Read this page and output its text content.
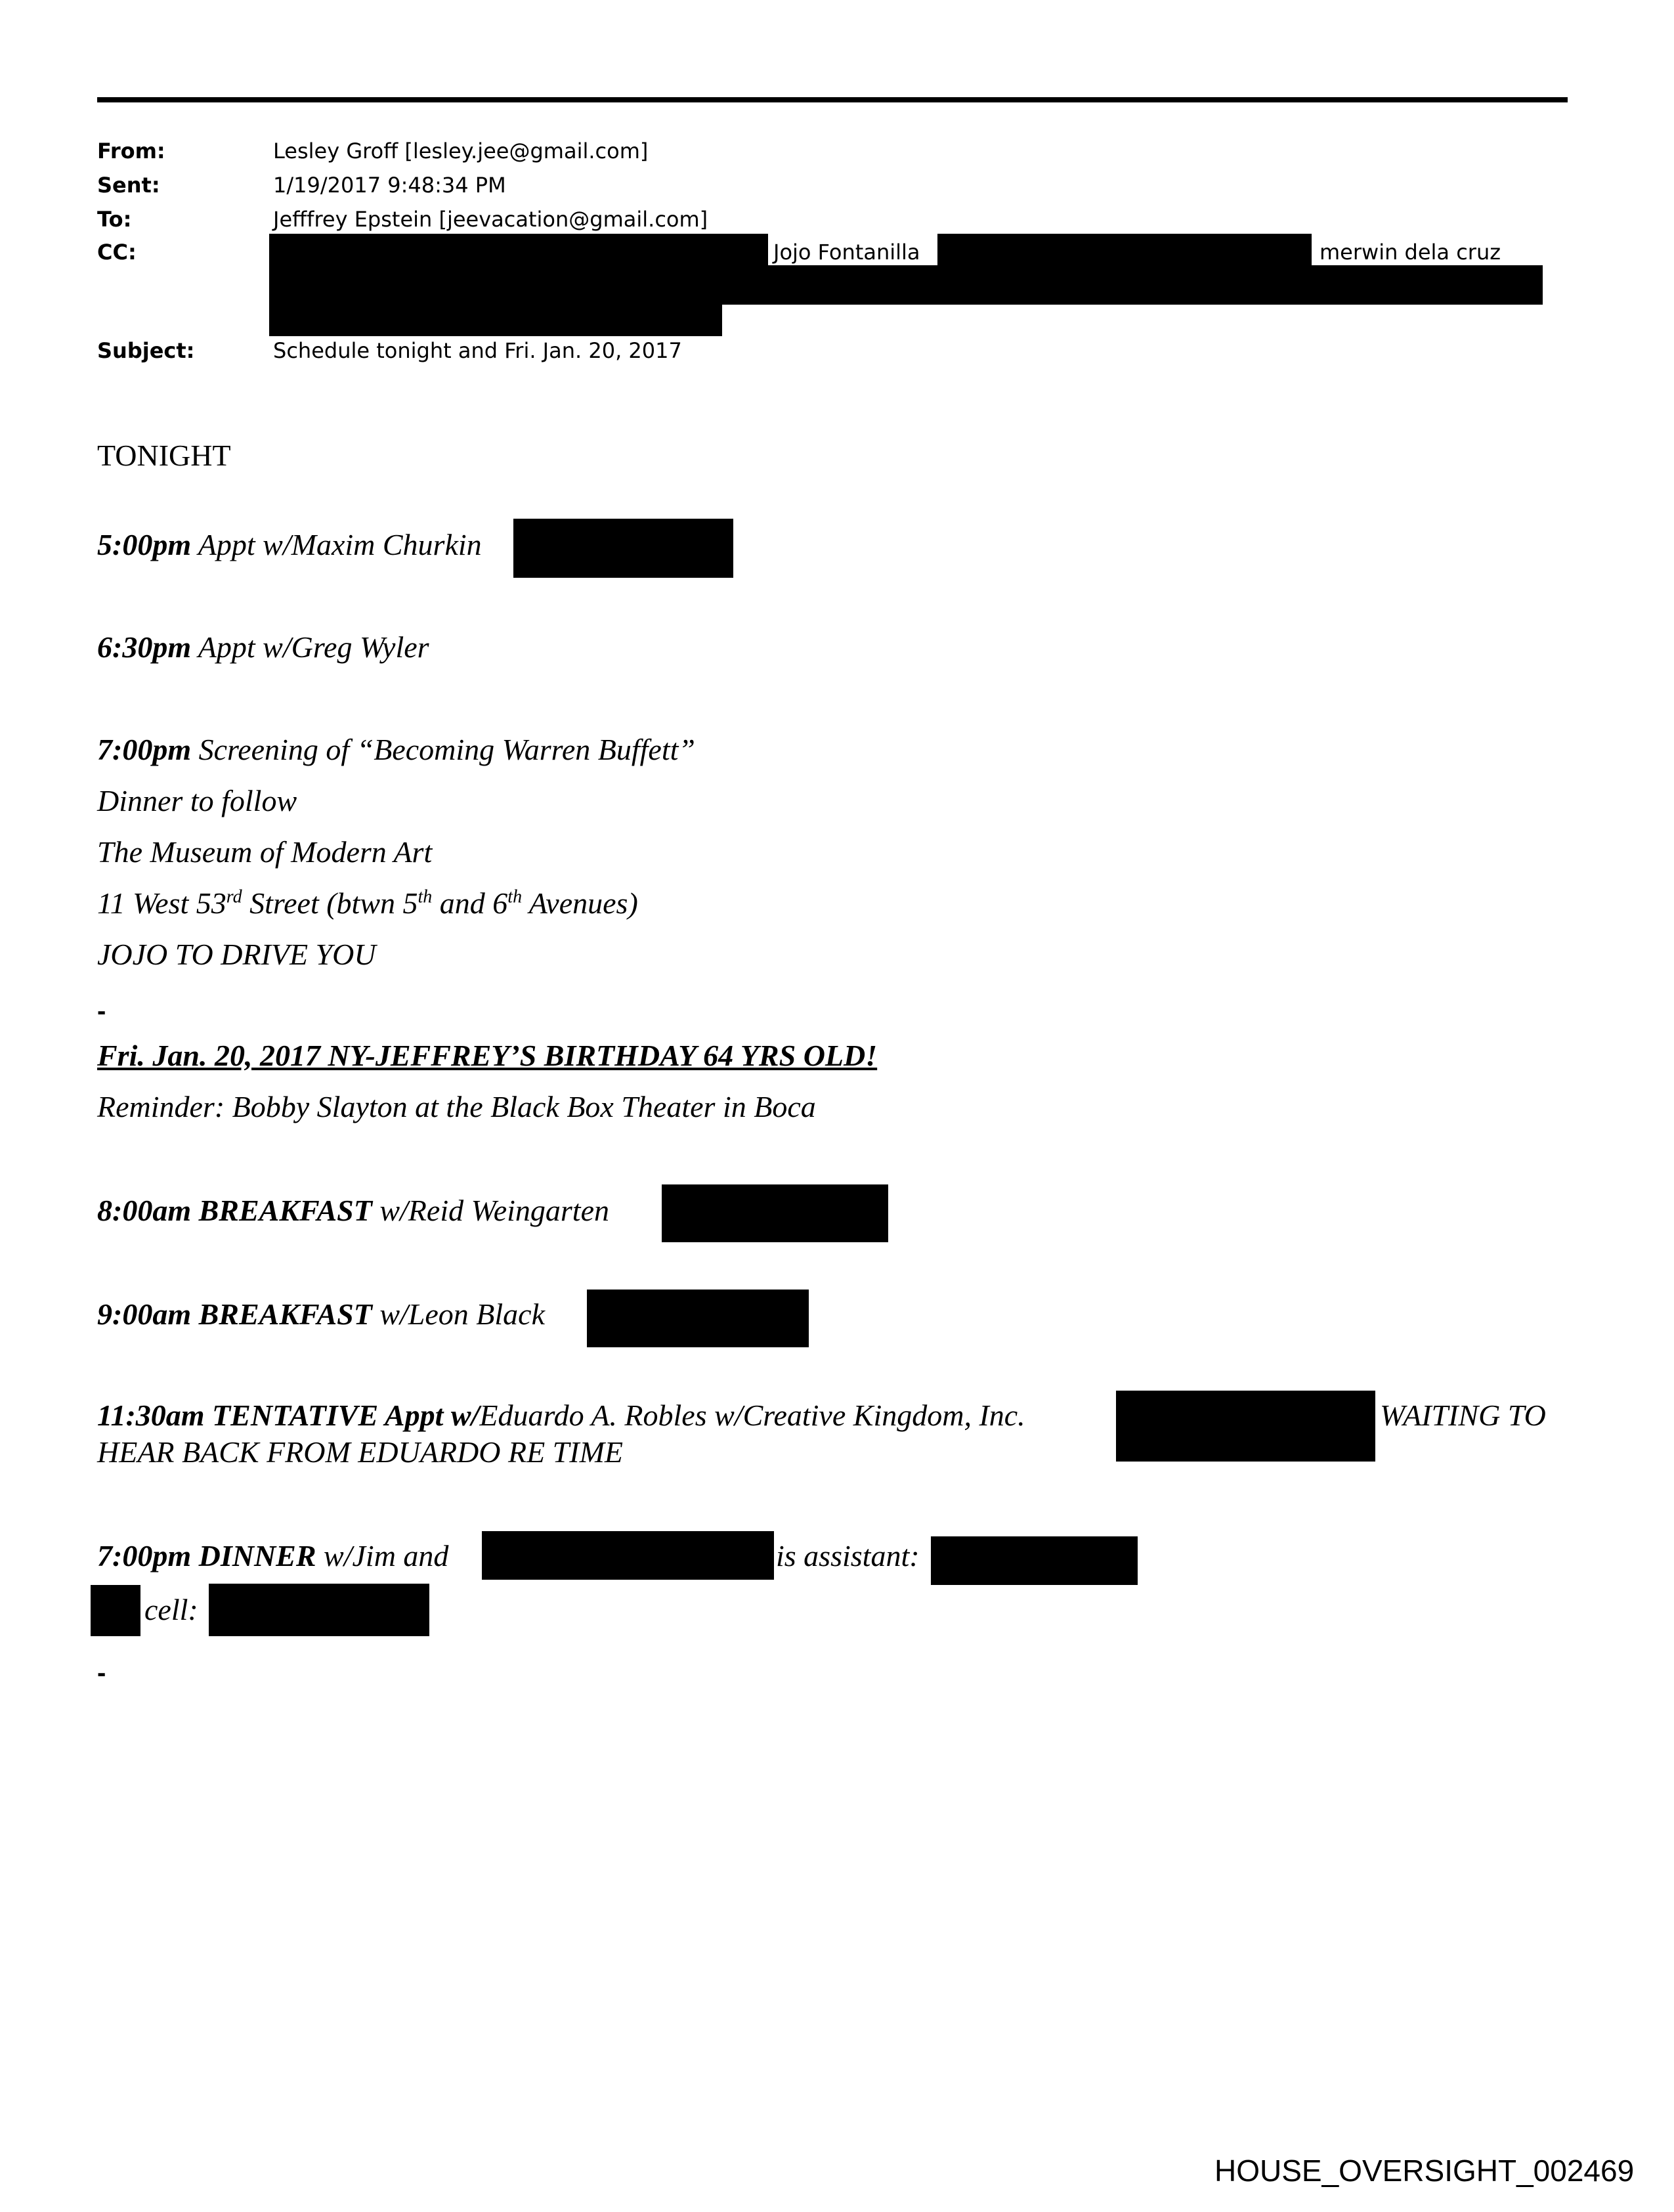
From:	Lesley Groff [lesley.jee@gmail.com]
Sent:	1/19/2017 9:48:34 PM
To:	Jefffrey Epstein [jeevacation@gmail.com]
CC:	Jojo Fontanilla	merwin dela cruz
Subject:	Schedule tonight and Fri. Jan. 20, 2017
TONIGHT
5:00pm Appt w/Maxim Churkin
6:30pm Appt w/Greg Wyler
7:00pm Screening of “Becoming Warren Buffett”
Dinner to follow
The Museum of Modern Art
11 West 53rd Street (btwn 5th and 6th Avenues)
JOJO TO DRIVE YOU
-
Fri. Jan. 20, 2017 NY-JEFFREY’S BIRTHDAY 64 YRS OLD!
Reminder: Bobby Slayton at the Black Box Theater in Boca
8:00am BREAKFAST w/Reid Weingarten
9:00am BREAKFAST w/Leon Black
11:30am TENTATIVE Appt w/Eduardo A. Robles w/Creative Kingdom, Inc.	WAITING TO
HEAR BACK FROM EDUARDO RE TIME
7:00pm DINNER w/Jim and	is assistant:
cell:
-
HOUSE_OVERSIGHT_002469
